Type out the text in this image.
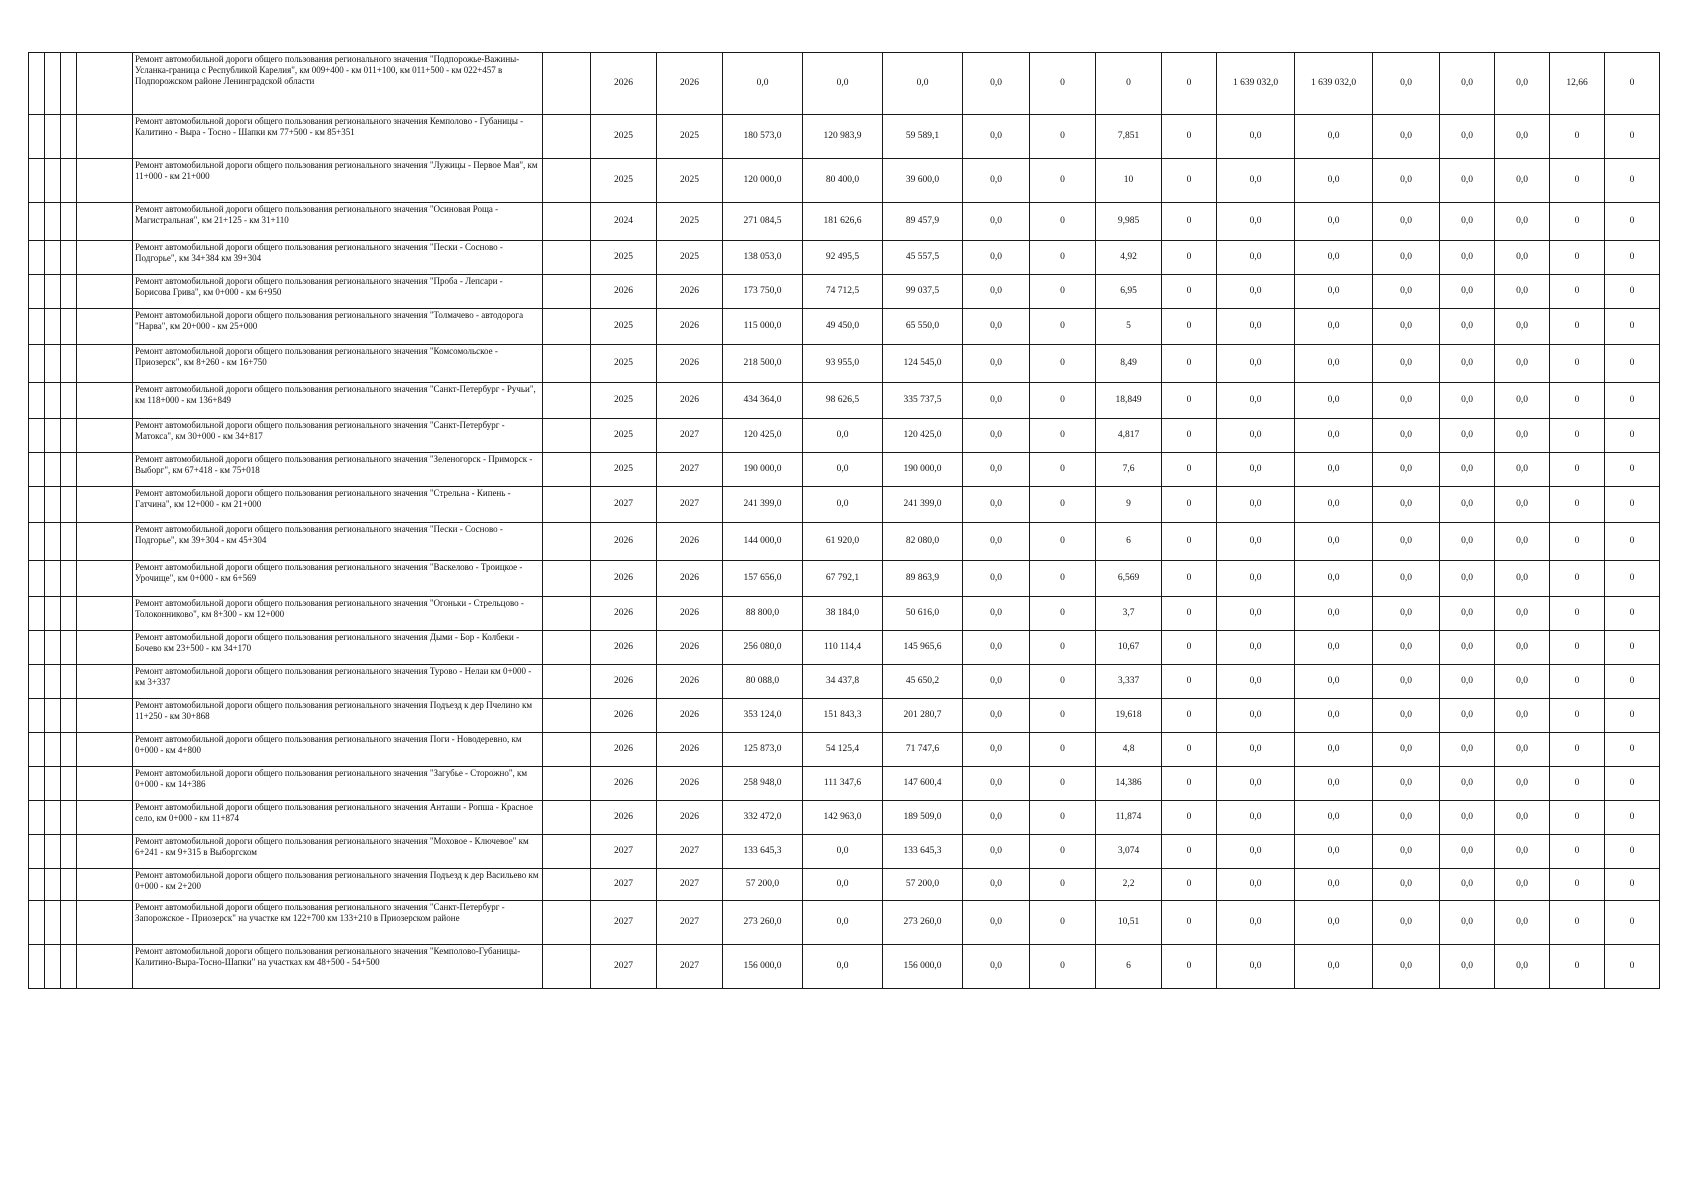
				Ремонт автомобильной дороги общего пользования регионального значения "Подпорожье-Важины-Усланка-граница с Республикой Карелия", км 009+400 - км 011+100, км 011+500 - км 022+457 в Подпорожском районе Ленинградской области		2026	2026	0,0	0,0	0,0	0,0	0	0	0	1 639 032,0	1 639 032,0	0,0	0,0	0,0	12,66	0
				Ремонт автомобильной дороги общего пользования регионального значения Кемполово - Губаницы - Калитино - Выра - Тосно - Шапки км 77+500 - км 85+351		2025	2025	180 573,0	120 983,9	59 589,1	0,0	0	7,851	0	0,0	0,0	0,0	0,0	0,0	0	0
				Ремонт автомобильной дороги общего пользования регионального значения "Лужицы - Первое Мая", км 11+000 - км 21+000		2025	2025	120 000,0	80 400,0	39 600,0	0,0	0	10	0	0,0	0,0	0,0	0,0	0,0	0	0
				Ремонт автомобильной дороги общего пользования регионального значения "Осиновая Роща - Магистральная", км 21+125 - км 31+110		2024	2025	271 084,5	181 626,6	89 457,9	0,0	0	9,985	0	0,0	0,0	0,0	0,0	0,0	0	0
				Ремонт автомобильной дороги общего пользования регионального значения "Пески - Сосново - Подгорье", км 34+384 км 39+304		2025	2025	138 053,0	92 495,5	45 557,5	0,0	0	4,92	0	0,0	0,0	0,0	0,0	0,0	0	0
				Ремонт автомобильной дороги общего пользования регионального значения "Проба - Лепсари - Борисова Грива", км 0+000 - км 6+950		2026	2026	173 750,0	74 712,5	99 037,5	0,0	0	6,95	0	0,0	0,0	0,0	0,0	0,0	0	0
				Ремонт автомобильной дороги общего пользования регионального значения "Толмачево - автодорога "Нарва", км 20+000 - км 25+000		2025	2026	115 000,0	49 450,0	65 550,0	0,0	0	5	0	0,0	0,0	0,0	0,0	0,0	0	0
				Ремонт автомобильной дороги общего пользования регионального значения "Комсомольское - Приозерск", км 8+260 - км 16+750		2025	2026	218 500,0	93 955,0	124 545,0	0,0	0	8,49	0	0,0	0,0	0,0	0,0	0,0	0	0
				Ремонт автомобильной дороги общего пользования регионального значения "Санкт-Петербург - Ручьи", км 118+000 - км 136+849		2025	2026	434 364,0	98 626,5	335 737,5	0,0	0	18,849	0	0,0	0,0	0,0	0,0	0,0	0	0
				Ремонт автомобильной дороги общего пользования регионального значения "Санкт-Петербург - Матокса", км 30+000 - км 34+817		2025	2027	120 425,0	0,0	120 425,0	0,0	0	4,817	0	0,0	0,0	0,0	0,0	0,0	0	0
				Ремонт автомобильной дороги общего пользования регионального значения "Зеленогорск - Приморск - Выборг", км 67+418 - км 75+018		2025	2027	190 000,0	0,0	190 000,0	0,0	0	7,6	0	0,0	0,0	0,0	0,0	0,0	0	0
				Ремонт автомобильной дороги общего пользования регионального значения "Стрельна - Кипень - Гатчина", км 12+000 - км 21+000		2027	2027	241 399,0	0,0	241 399,0	0,0	0	9	0	0,0	0,0	0,0	0,0	0,0	0	0
				Ремонт автомобильной дороги общего пользования регионального значения "Пески - Сосново - Подгорье", км 39+304 - км 45+304		2026	2026	144 000,0	61 920,0	82 080,0	0,0	0	6	0	0,0	0,0	0,0	0,0	0,0	0	0
				Ремонт автомобильной дороги общего пользования регионального значения "Васкелово - Троицкое - Урочище", км 0+000 - км 6+569		2026	2026	157 656,0	67 792,1	89 863,9	0,0	0	6,569	0	0,0	0,0	0,0	0,0	0,0	0	0
				Ремонт автомобильной дороги общего пользования регионального значения "Огоньки - Стрельцово - Толоконниково", км 8+300 - км 12+000		2026	2026	88 800,0	38 184,0	50 616,0	0,0	0	3,7	0	0,0	0,0	0,0	0,0	0,0	0	0
				Ремонт автомобильной дороги общего пользования регионального значения Дыми - Бор - Колбеки - Бочево км 23+500 - км 34+170		2026	2026	256 080,0	110 114,4	145 965,6	0,0	0	10,67	0	0,0	0,0	0,0	0,0	0,0	0	0
				Ремонт автомобильной дороги общего пользования регионального значения Турово - Нелаи км 0+000 - км 3+337		2026	2026	80 088,0	34 437,8	45 650,2	0,0	0	3,337	0	0,0	0,0	0,0	0,0	0,0	0	0
				Ремонт автомобильной дороги общего пользования регионального значения Подъезд к дер Пчелино км 11+250 - км 30+868		2026	2026	353 124,0	151 843,3	201 280,7	0,0	0	19,618	0	0,0	0,0	0,0	0,0	0,0	0	0
				Ремонт автомобильной дороги общего пользования регионального значения Поги - Новодеревно, км 0+000 - км 4+800		2026	2026	125 873,0	54 125,4	71 747,6	0,0	0	4,8	0	0,0	0,0	0,0	0,0	0,0	0	0
				Ремонт автомобильной дороги общего пользования регионального значения "Загубье - Сторожно", км 0+000 - км 14+386		2026	2026	258 948,0	111 347,6	147 600,4	0,0	0	14,386	0	0,0	0,0	0,0	0,0	0,0	0	0
				Ремонт автомобильной дороги общего пользования регионального значения Анташи - Ропша - Красное село, км 0+000 - км 11+874		2026	2026	332 472,0	142 963,0	189 509,0	0,0	0	11,874	0	0,0	0,0	0,0	0,0	0,0	0	0
				Ремонт автомобильной дороги общего пользования регионального значения "Моховое - Ключевое" км 6+241 - км 9+315 в Выборгском		2027	2027	133 645,3	0,0	133 645,3	0,0	0	3,074	0	0,0	0,0	0,0	0,0	0,0	0	0
				Ремонт автомобильной дороги общего пользования регионального значения Подъезд к дер Васильево км 0+000 - км 2+200		2027	2027	57 200,0	0,0	57 200,0	0,0	0	2,2	0	0,0	0,0	0,0	0,0	0,0	0	0
				Ремонт автомобильной дороги общего пользования регионального значения "Санкт-Петербург - Запорожское - Приозерск" на участке км 122+700 км 133+210 в Приозерском районе		2027	2027	273 260,0	0,0	273 260,0	0,0	0	10,51	0	0,0	0,0	0,0	0,0	0,0	0	0
				Ремонт автомобильной дороги общего пользования регионального значения "Кемполово-Губаницы-Калитино-Выра-Тосно-Шапки" на участках км 48+500 - 54+500		2027	2027	156 000,0	0,0	156 000,0	0,0	0	6	0	0,0	0,0	0,0	0,0	0,0	0	0
